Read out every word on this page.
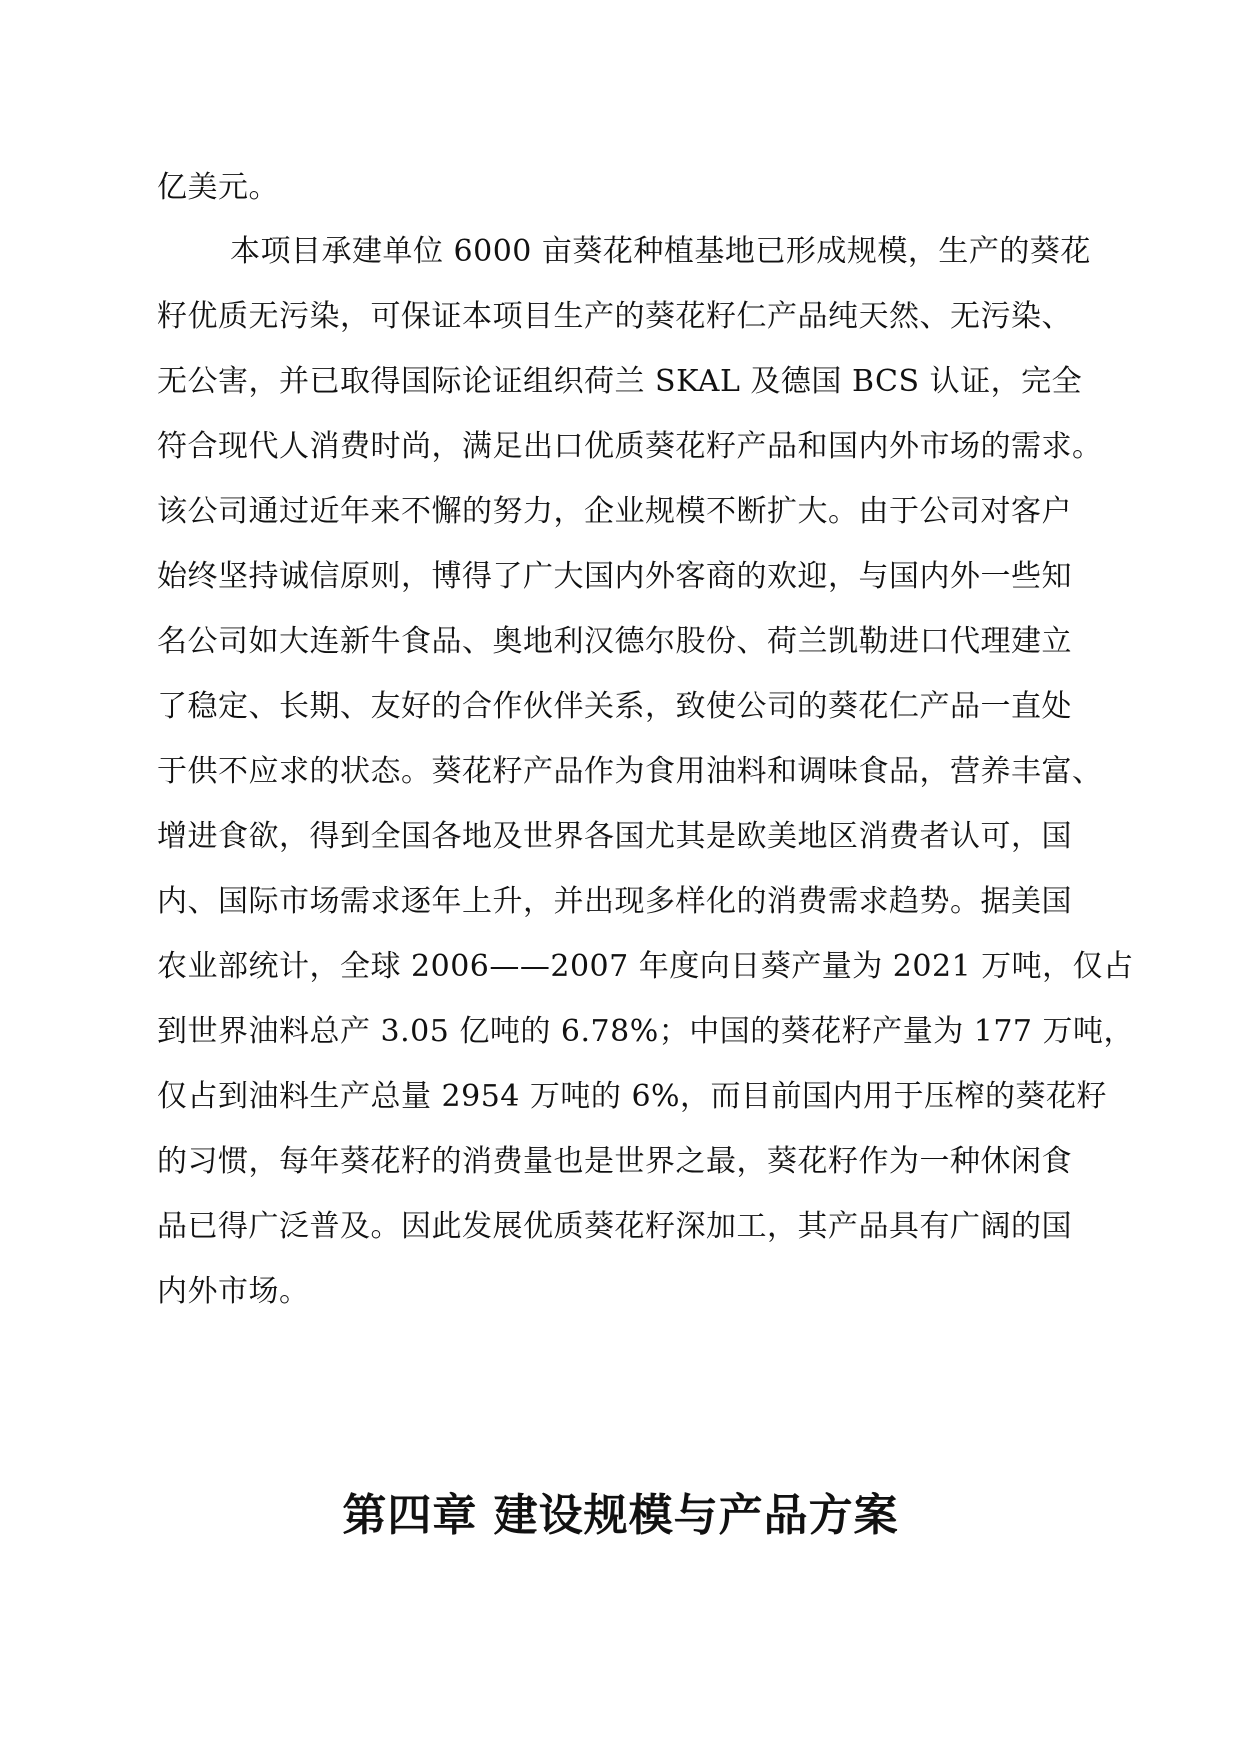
亿美元。
本项目承建单位 6000 亩葵花种植基地已形成规模，生产的葵花
籽优质无污染，可保证本项目生产的葵花籽仁产品纯天然、无污染、
无公害，并已取得国际论证组织荷兰 SKAL 及德国 BCS 认证，完全
符合现代人消费时尚，满足出口优质葵花籽产品和国内外市场的需求。
该公司通过近年来不懈的努力，企业规模不断扩大。由于公司对客户
始终坚持诚信原则，博得了广大国内外客商的欢迎，与国内外一些知
名公司如大连新牛食品、奥地利汉德尔股份、荷兰凯勒进口代理建立
了稳定、长期、友好的合作伙伴关系，致使公司的葵花仁产品一直处
于供不应求的状态。葵花籽产品作为食用油料和调味食品，营养丰富、
增进食欲，得到全国各地及世界各国尤其是欧美地区消费者认可，国
内、国际市场需求逐年上升，并出现多样化的消费需求趋势。据美国
农业部统计，全球 2006——2007 年度向日葵产量为 2021 万吨，仅占
到世界油料总产 3.05 亿吨的 6.78%；中国的葵花籽产量为 177 万吨，
仅占到油料生产总量 2954 万吨的 6%，而目前国内用于压榨的葵花籽
的习惯，每年葵花籽的消费量也是世界之最，葵花籽作为一种休闲食
品已得广泛普及。因此发展优质葵花籽深加工，其产品具有广阔的国
内外市场。
第四章 建设规模与产品方案
